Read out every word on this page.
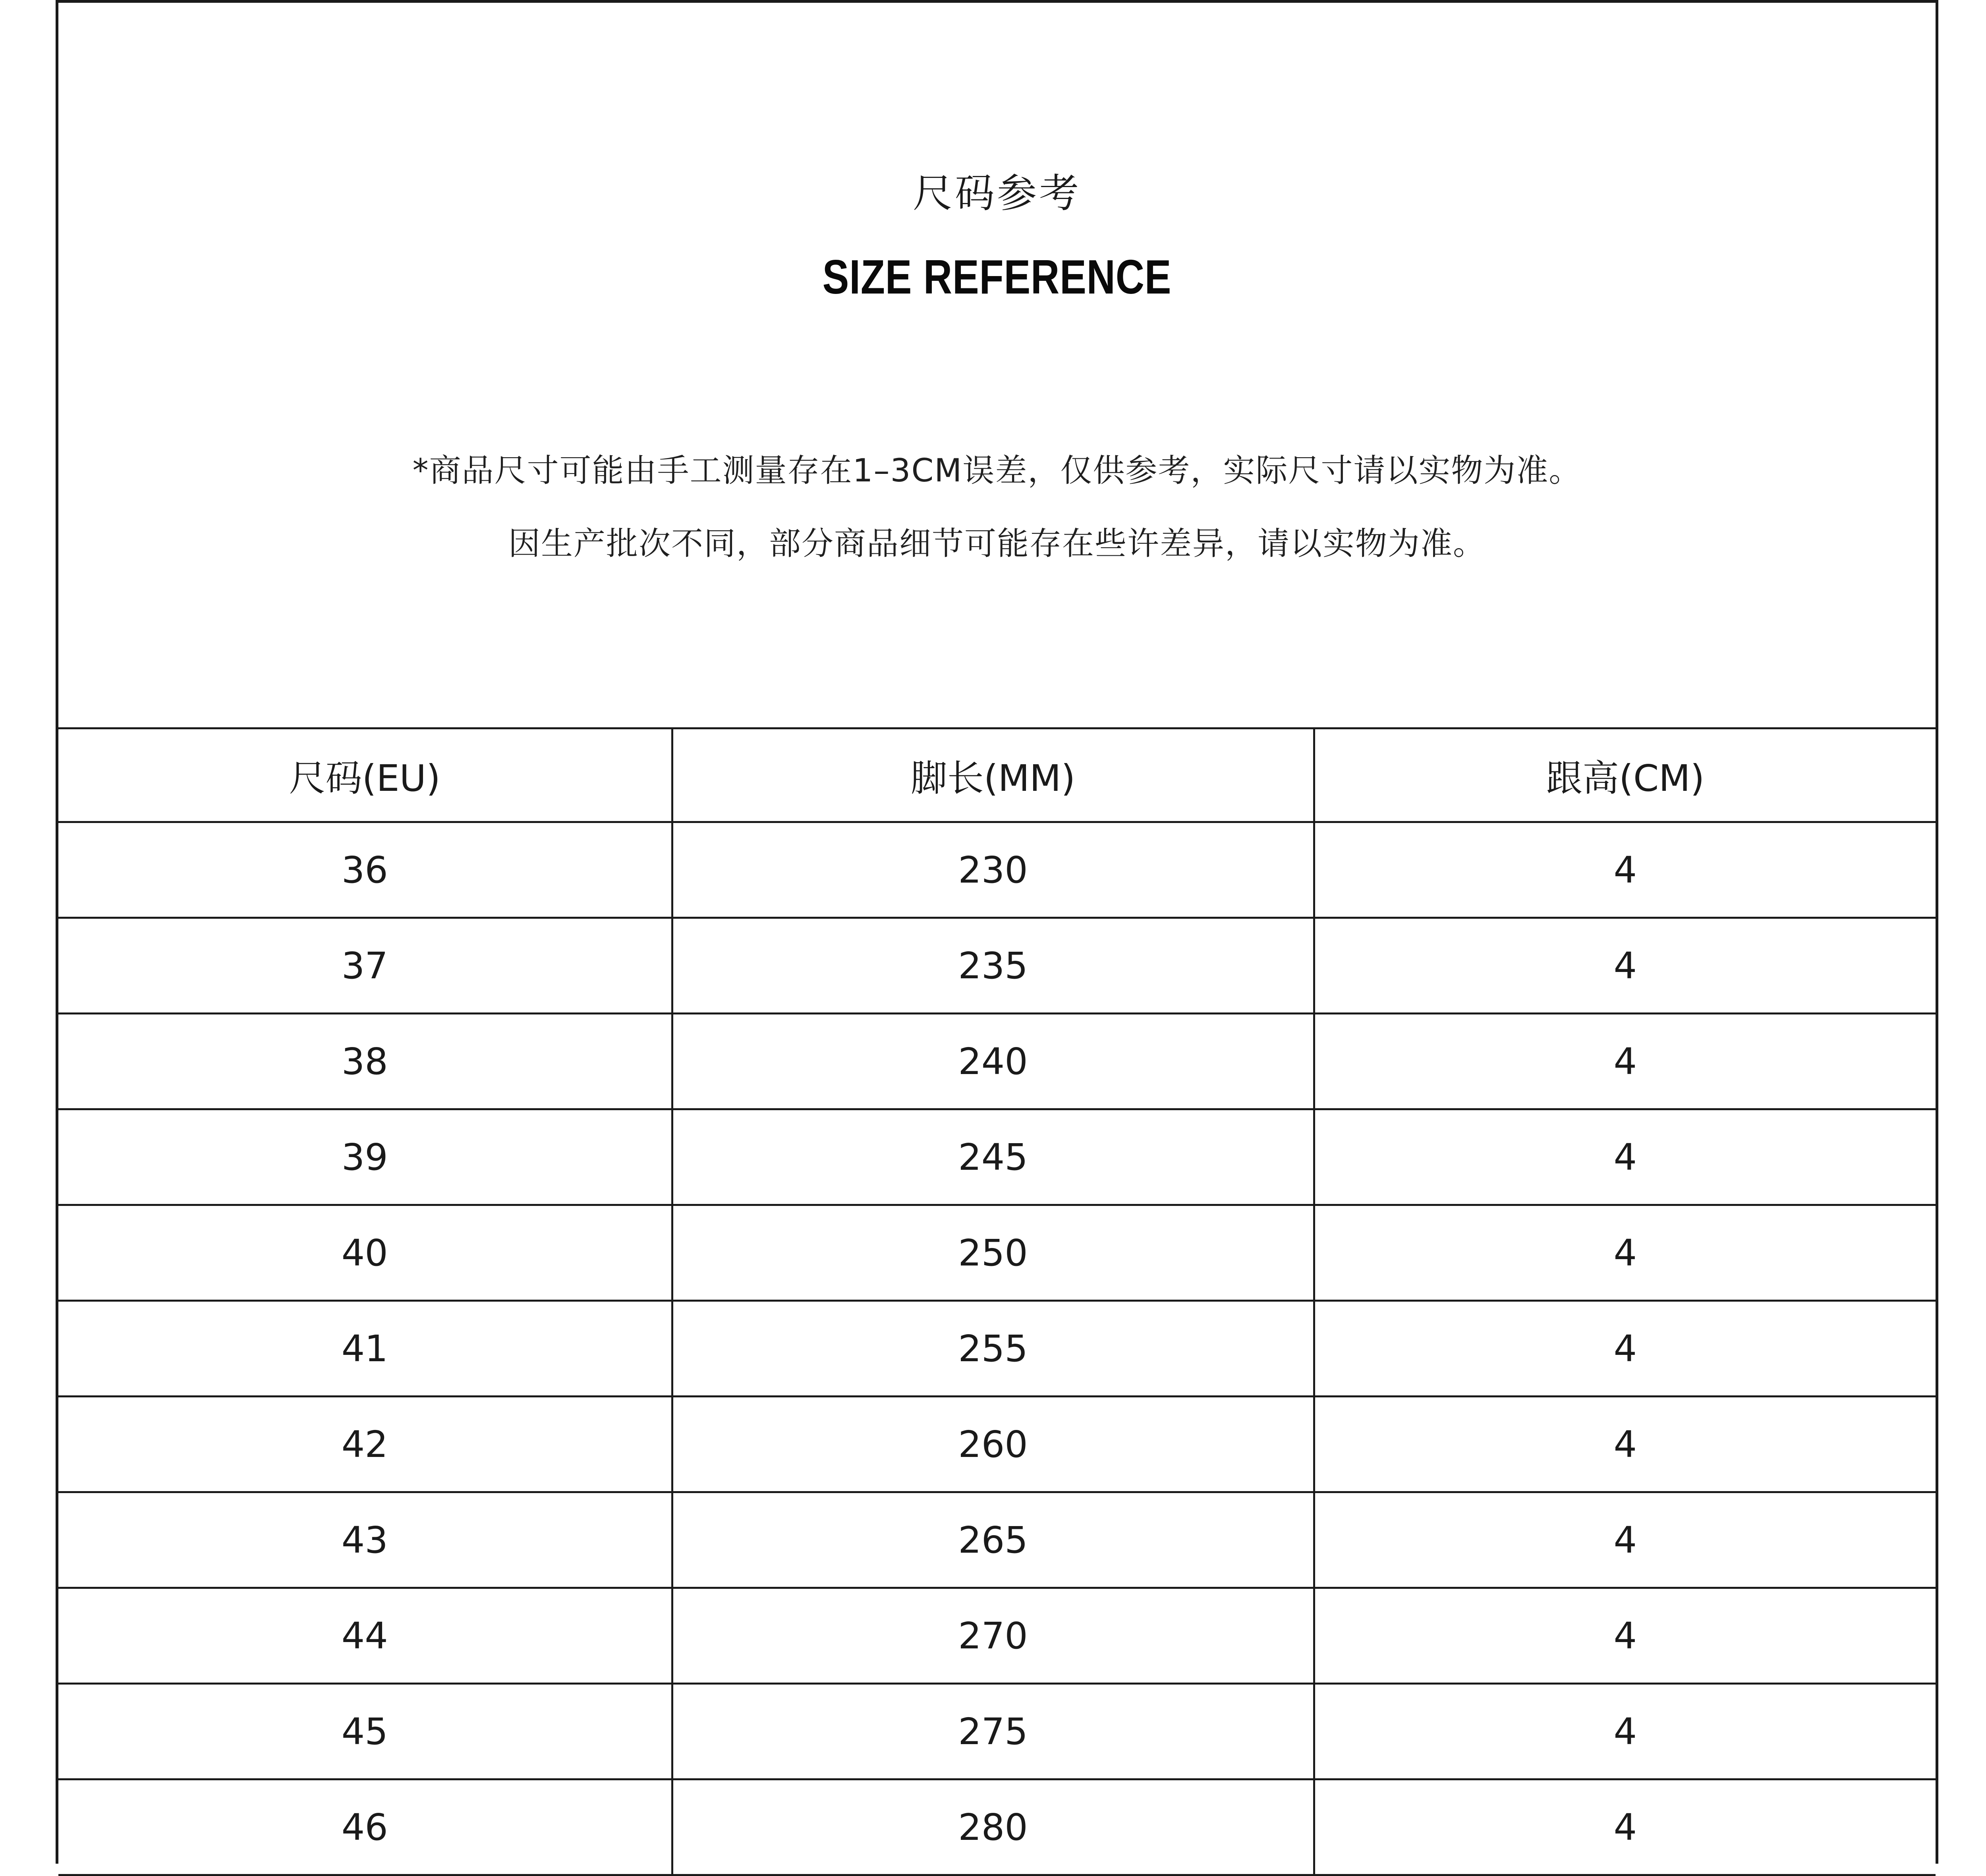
尺码参考
SIZE REFERENCE
*商品尺寸可能由手工测量存在1–3CM误差，仅供参考，实际尺寸请以实物为准。
因生产批次不同，部分商品细节可能存在些许差异，请以实物为准。
尺码(EU)	脚长(MM)	跟高(CM)
36	230	4
37	235	4
38	240	4
39	245	4
40	250	4
41	255	4
42	260	4
43	265	4
44	270	4
45	275	4
46	280	4
